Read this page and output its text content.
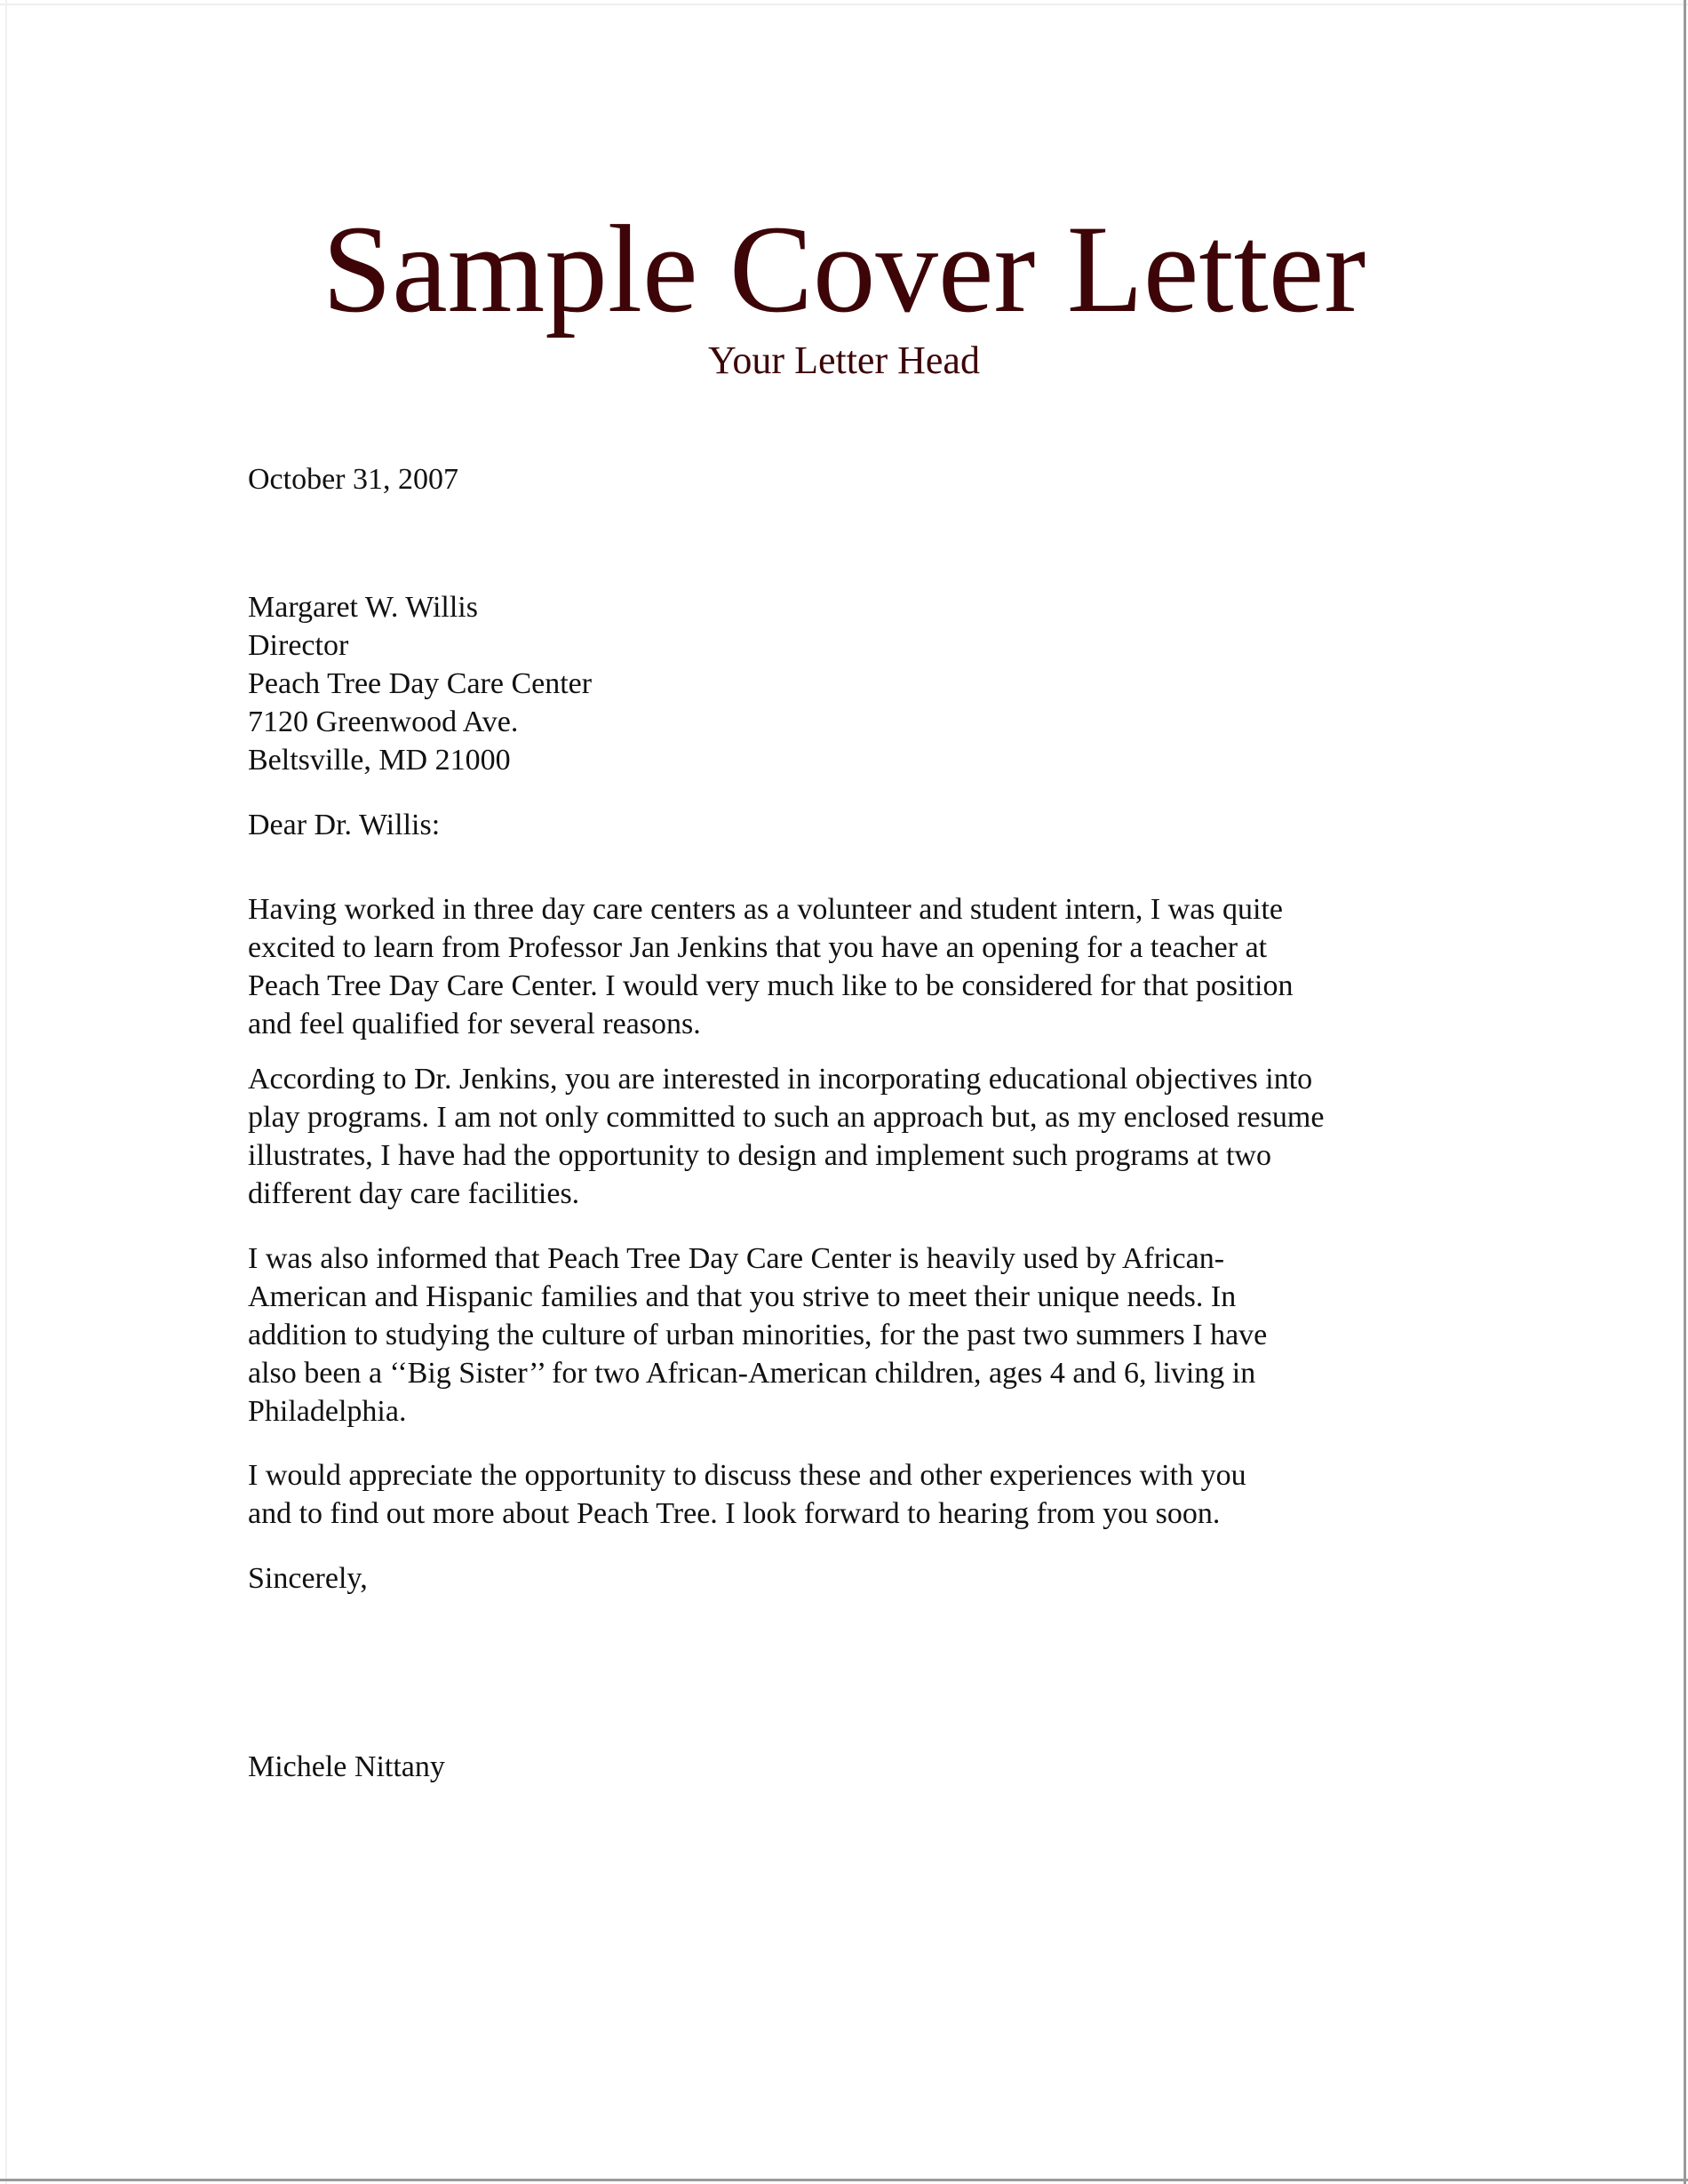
Sample Cover Letter
Your Letter Head
October 31, 2007
Margaret W. Willis
Director
Peach Tree Day Care Center
7120 Greenwood Ave.
Beltsville, MD 21000
Dear Dr. Willis:
Having worked in three day care centers as a volunteer and student intern, I was quite
excited to learn from Professor Jan Jenkins that you have an opening for a teacher at
Peach Tree Day Care Center. I would very much like to be considered for that position
and feel qualified for several reasons.
According to Dr. Jenkins, you are interested in incorporating educational objectives into
play programs. I am not only committed to such an approach but, as my enclosed resume
illustrates, I have had the opportunity to design and implement such programs at two
different day care facilities.
I was also informed that Peach Tree Day Care Center is heavily used by African-
American and Hispanic families and that you strive to meet their unique needs. In
addition to studying the culture of urban minorities, for the past two summers I have
also been a ‘‘Big Sister’’ for two African-American children, ages 4 and 6, living in
Philadelphia.
I would appreciate the opportunity to discuss these and other experiences with you
and to find out more about Peach Tree. I look forward to hearing from you soon.
Sincerely,
Michele Nittany
